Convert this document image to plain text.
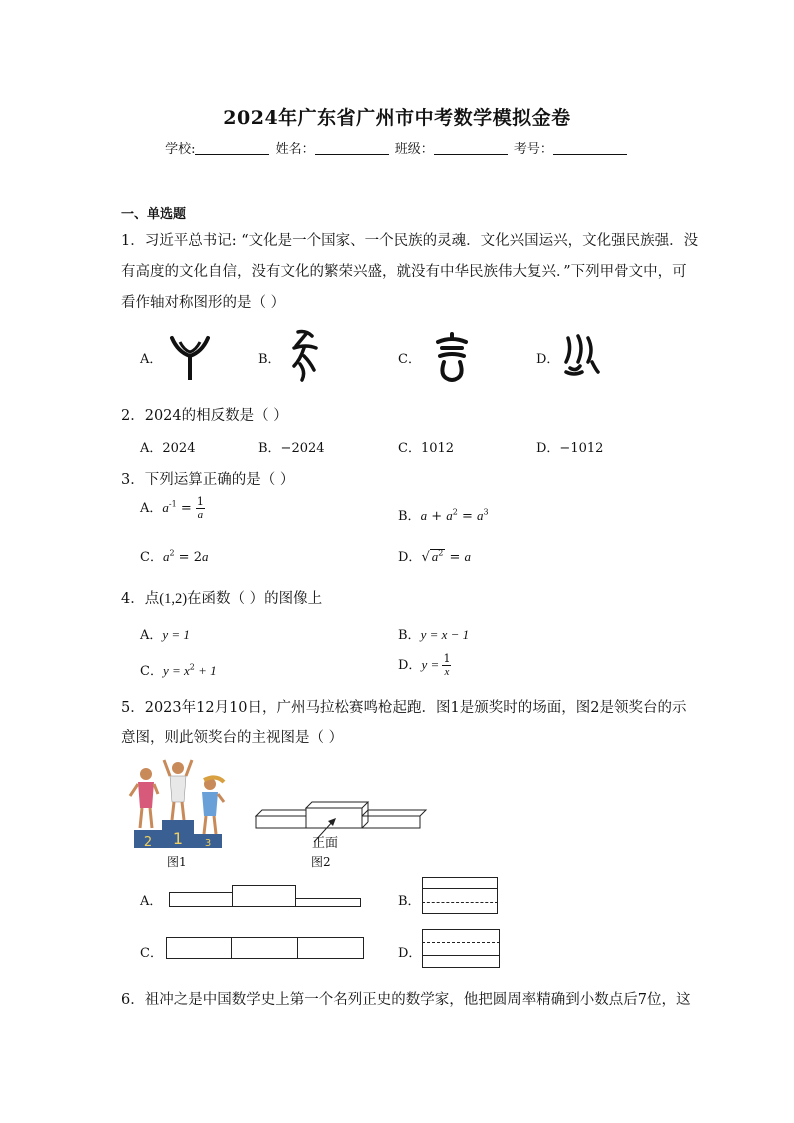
2024年广东省广州市中考数学模拟金卷
学校:	姓名：	班级：	考号：
一、单选题
1．习近平总书记: “文化是一个国家、一个民族的灵魂．文化兴国运兴，文化强民族强．没
有高度的文化自信，没有文化的繁荣兴盛，就没有中华民族伟大复兴．”下列甲骨文中，可
看作轴对称图形的是（ ）
A．	B．	C．	D．
2．2024的相反数是（ ）
A．2024	B．−2024	C．1012	D．−1012
3．下列运算正确的是（ ）
A．$a^{-1} = \frac{1}{a}$	B．$a + a^2 = a^3$
C．$a^2 = 2a$	D．√ $a^2 = a$
4．点(1,2)在函数（ ）的图像上
A．y = 1	B．y = x − 1
C．$y = x^2 + 1$	D．$y = \frac{1}{x}$
5．2023年12月10日，广州马拉松赛鸣枪起跑．图1是颁奖时的场面，图2是领奖台的示
意图，则此领奖台的主视图是（ ）
2 1 3
图1
正面
图2
A．	B．
C．	D．
6．祖冲之是中国数学史上第一个名列正史的数学家，他把圆周率精确到小数点后7位，这
